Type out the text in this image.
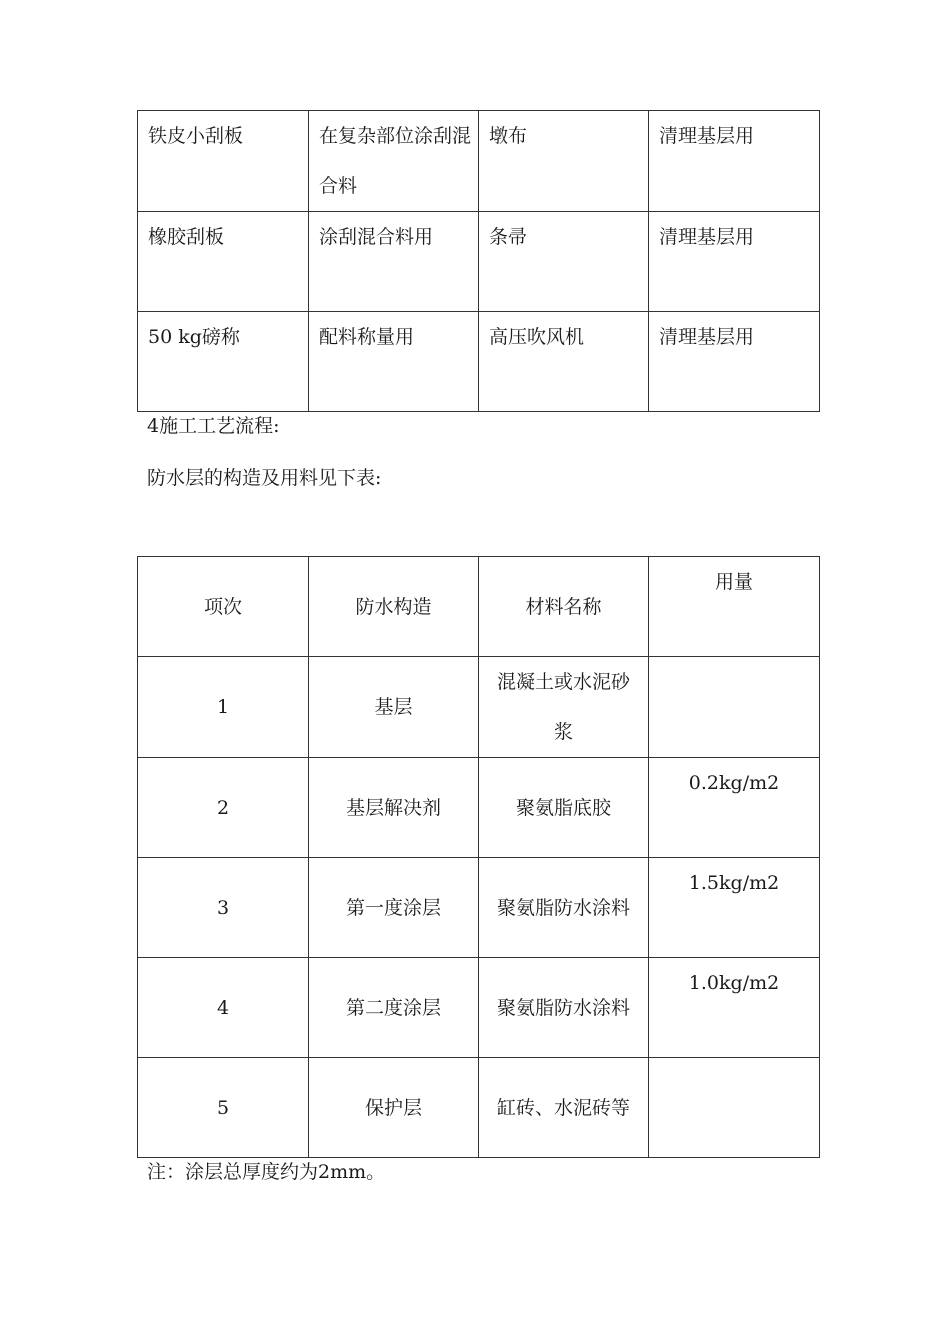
铁皮小刮板	在复杂部位涂刮混合料	墩布	清理基层用
橡胶刮板	涂刮混合料用	条帚	清理基层用
50 kg磅称	配料称量用	高压吹风机	清理基层用

4施工工艺流程:

防水层的构造及用料见下表:

项次	防水构造	材料名称	用量
1	基层	混凝土或水泥砂浆	
2	基层解决剂	聚氨脂底胶	0.2kg/m2
3	第一度涂层	聚氨脂防水涂料	1.5kg/m2
4	第二度涂层	聚氨脂防水涂料	1.0kg/m2
5	保护层	缸砖、水泥砖等	

注：涂层总厚度约为2mm。
